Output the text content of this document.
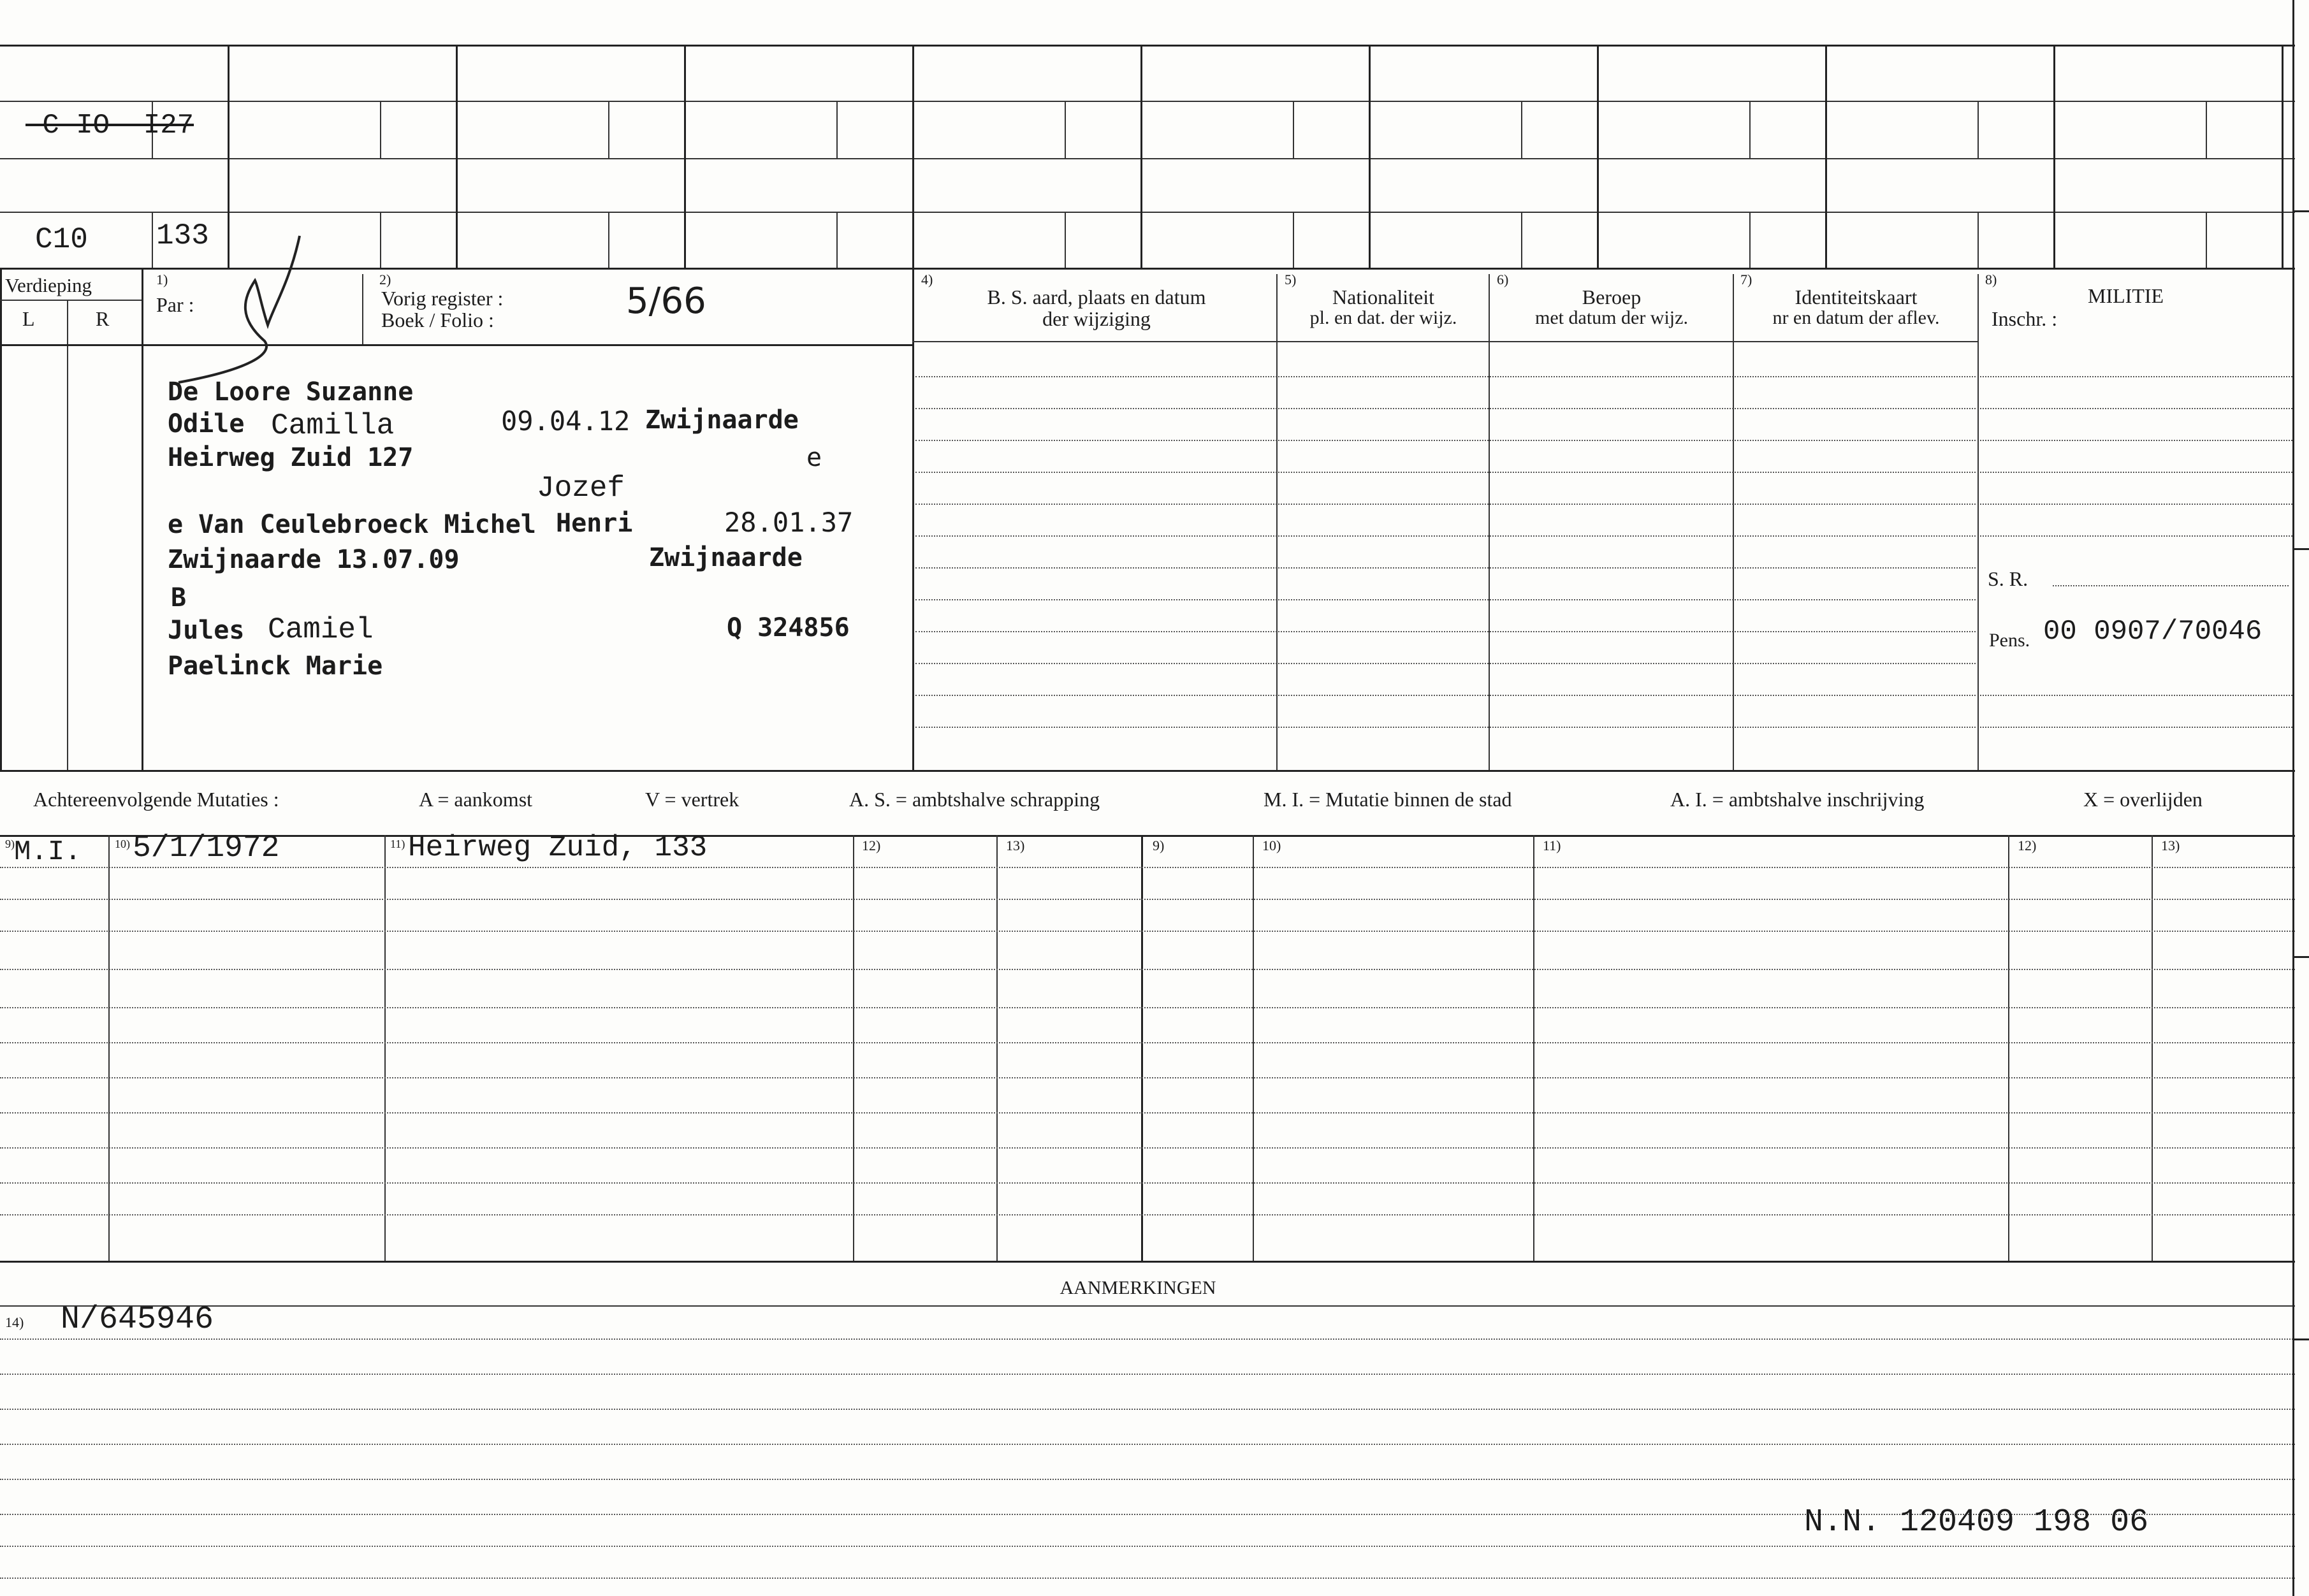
-C-IO--I27
C10 133
Verdieping
L	R
1)
Par :
2)
Vorig register :
Boek / Folio :	5/66
4)
B. S. aard, plaats en datum
der wijziging
5)
Nationaliteit
pl. en dat. der wijz.
6)
Beroep
met datum der wijz.
7)
Identiteitskaart
nr en datum der aflev.
8)
MILITIE
Inschr. :
S. R.
Pens. 00 0907/70046
De Loore Suzanne
Odile Camilla	09.04.12 Zwijnaarde
Heirweg Zuid 127	e
Jozef
e Van Ceulebroeck Michel Henri	28.01.37
Zwijnaarde 13.07.09	Zwijnaarde
B
Jules Camiel	Q 324856
Paelinck Marie
Achtereenvolgende Mutaties :	A = aankomst	V = vertrek	A. S. = ambtshalve schrapping	M. I. = Mutatie binnen de stad	A. I. = ambtshalve inschrijving	X = overlijden
9)	10)	11)	12)	13)	9)	10)	11)	12)	13)
M.I. 5/1/1972	Heirweg Zuid, 133
AANMERKINGEN
14) N/645946
N.N. 120409 198 06
